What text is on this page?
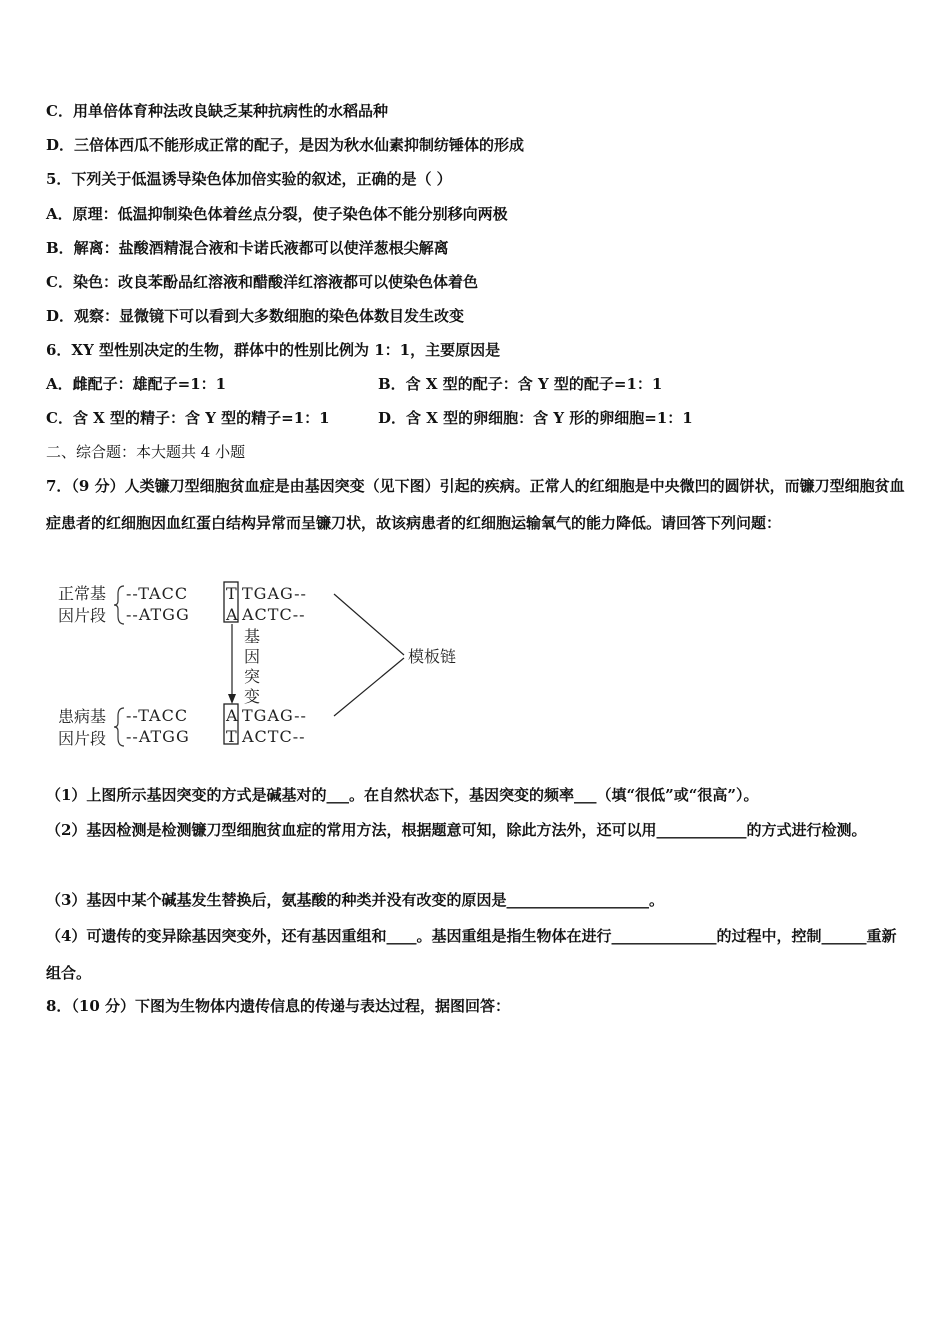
C．用单倍体育种法改良缺乏某种抗病性的水稻品种
D．三倍体西瓜不能形成正常的配子，是因为秋水仙素抑制纺锤体的形成
5．下列关于低温诱导染色体加倍实验的叙述，正确的是（ ）
A．原理：低温抑制染色体着丝点分裂，使子染色体不能分别移向两极
B．解离：盐酸酒精混合液和卡诺氏液都可以使洋葱根尖解离
C．染色：改良苯酚品红溶液和醋酸洋红溶液都可以使染色体着色
D．观察：显微镜下可以看到大多数细胞的染色体数目发生改变
6．XY 型性别决定的生物，群体中的性别比例为 1：1，主要原因是
A．雌配子：雄配子=1：1	B．含 X 型的配子：含 Y 型的配子=1：1
C．含 X 型的精子：含 Y 型的精子=1：1	D．含 X 型的卵细胞：含 Y 形的卵细胞=1：1
二、综合题：本大题共 4 小题
7．（9 分）人类镰刀型细胞贫血症是由基因突变（见下图）引起的疾病。正常人的红细胞是中央微凹的圆饼状，而镰刀型细胞贫血症患者的红细胞因血红蛋白结构异常而呈镰刀状，故该病患者的红细胞运输氧气的能力降低。请回答下列问题：
正常基
因片段
--TACC T TGAG--
--ATGG A ACTC--
基
因
突
变
模板链
患病基
因片段
--TACC A TGAG--
--ATGG T ACTC--
（1）上图所示基因突变的方式是碱基对的___。在自然状态下，基因突变的频率___（填“很低”或“很高”）。
（2）基因检测是检测镰刀型细胞贫血症的常用方法，根据题意可知，除此方法外，还可以用____________的方式进行检测。
（3）基因中某个碱基发生替换后，氨基酸的种类并没有改变的原因是___________________。
（4）可遗传的变异除基因突变外，还有基因重组和____。基因重组是指生物体在进行______________的过程中，控制______重新组合。
8．（10 分）下图为生物体内遗传信息的传递与表达过程，据图回答：
